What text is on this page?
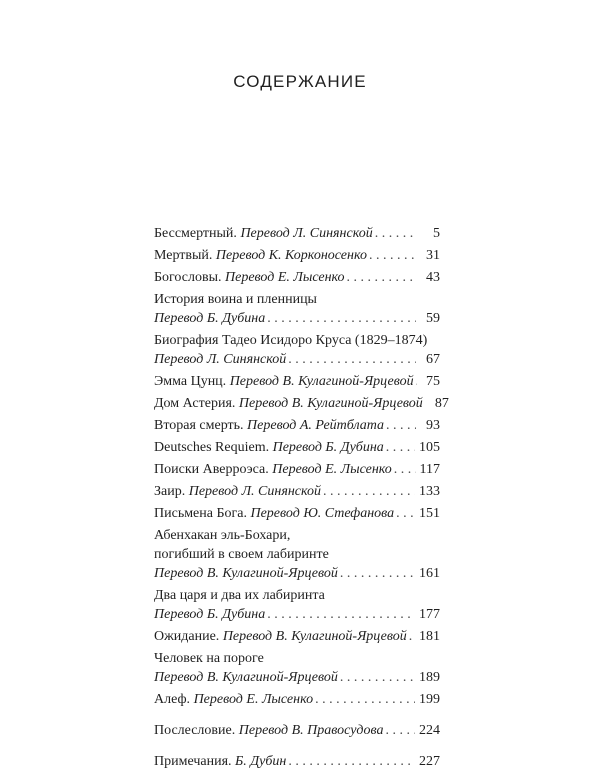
СОДЕРЖАНИЕ
Бессмертный. Перевод Л. Синянской . . .	5
Мертвый. Перевод К. Корконосенко . . .	31
Богословы. Перевод Е. Лысенко . . .	43
История воина и пленницы
Перевод Б. Дубина . . .	59
Биография Тадео Исидоро Круса (1829–1874)
Перевод Л. Синянской . . .	67
Эмма Цунц. Перевод В. Кулагиной-Ярцевой . . . 75
Дом Астерия. Перевод В. Кулагиной-Ярцевой 87
Вторая смерть. Перевод А. Рейтблата . . .	93
Deutsches Requiem. Перевод Б. Дубина . . .	105
Поиски Аверроэса. Перевод Е. Лысенко . . . 117
Заир. Перевод Л. Синянской . . .	133
Письмена Бога. Перевод Ю. Стефанова . . . 151
Абенхакан эль-Бохари,
погибший в своем лабиринте
Перевод В. Кулагиной-Ярцевой . . .	161
Два царя и два их лабиринта
Перевод Б. Дубина . . .	177
Ожидание. Перевод В. Кулагиной-Ярцевой . . . 181
Человек на пороге
Перевод В. Кулагиной-Ярцевой . . .	189
Алеф. Перевод Е. Лысенко . . .	199
Послесловие. Перевод В. Правосудова . . .	224
Примечания. Б. Дубин . . .	227
